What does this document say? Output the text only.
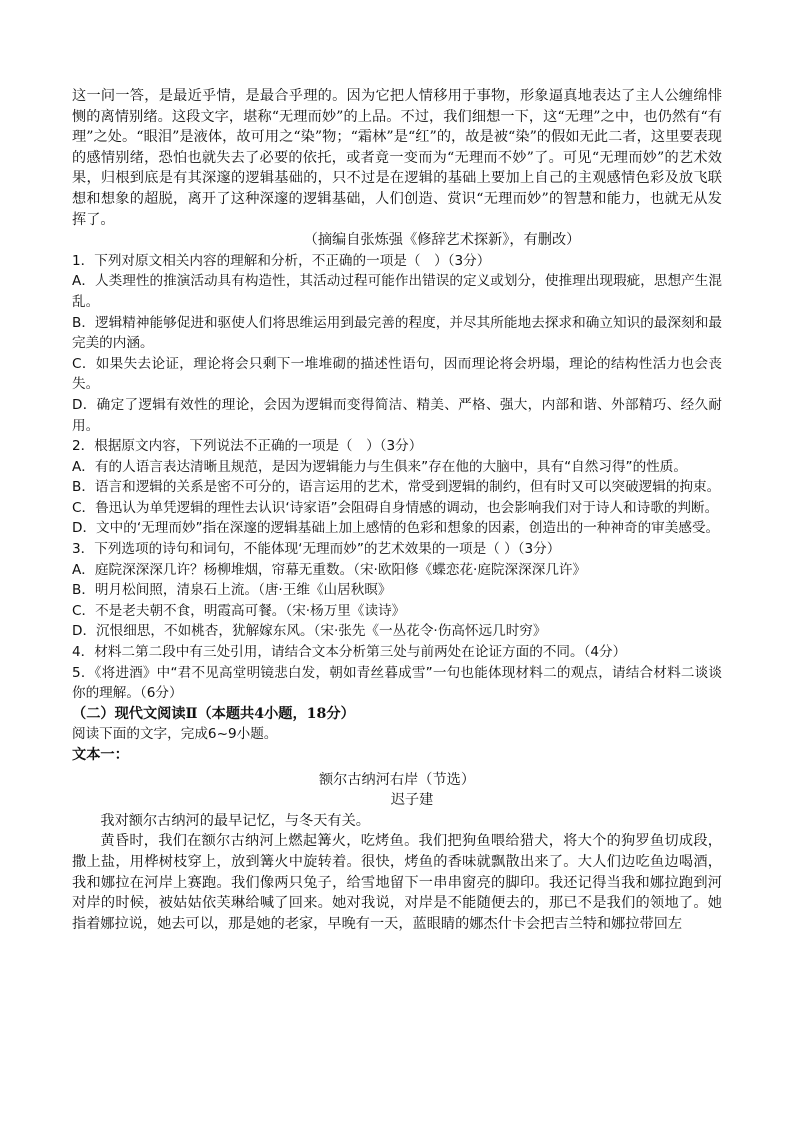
这一问一答，是最近乎情，是最合乎理的。因为它把人情移用于事物，形象逼真地表达了主人公缠绵悱恻的离情别绪。这段文字，堪称“无理而妙”的上品。不过，我们细想一下，这“无理”之中，也仍然有“有理”之处。“眼泪”是液体，故可用之“染”物；“霜林”是“红”的，故是被“染”的假如无此二者，这里要表现的感情别绪，恐怕也就失去了必要的依托，或者竟一变而为“无理而不妙”了。可见“无理而妙”的艺术效果，归根到底是有其深邃的逻辑基础的，只不过是在逻辑的基础上要加上自己的主观感情色彩及放飞联想和想象的超脱，离开了这种深邃的逻辑基础，人们创造、赏识“无理而妙”的智慧和能力，也就无从发挥了。

（摘编自张炼强《修辞艺术探新》，有删改）

1．下列对原文相关内容的理解和分析，不正确的一项是（　）（3分）

A．人类理性的推演活动具有构造性，其活动过程可能作出错误的定义或划分，使推理出现瑕疵，思想产生混乱。

B．逻辑精神能够促进和驱使人们将思维运用到最完善的程度，并尽其所能地去探求和确立知识的最深刻和最完美的内涵。

C．如果失去论证，理论将会只剩下一堆堆砌的描述性语句，因而理论将会坍塌，理论的结构性活力也会丧失。

D．确定了逻辑有效性的理论，会因为逻辑而变得简洁、精美、严格、强大，内部和谐、外部精巧、经久耐用。

2．根据原文内容，下列说法不正确的一项是（　）（3分）

A．有的人语言表达清晰且规范，是因为逻辑能力与生俱来”存在他的大脑中，具有“自然习得”的性质。

B．语言和逻辑的关系是密不可分的，语言运用的艺术，常受到逻辑的制约，但有时又可以突破逻辑的拘束。

C．鲁迅认为单凭逻辑的理性去认识‘诗家语”会阻碍自身情感的调动，也会影响我们对于诗人和诗歌的判断。

D．文中的‘无理而妙”指在深邃的逻辑基础上加上感情的色彩和想象的因素，创造出的一种神奇的审美感受。

3．下列选项的诗句和词句，不能体现‘无理而妙”的艺术效果的一项是（ ）（3分）

A．庭院深深深几许？杨柳堆烟，帘幕无重数。（宋·欧阳修《蝶恋花·庭院深深深几许》

B．明月松间照，清泉石上流。（唐·王维《山居秋暝》

C．不是老夫朝不食，明霞高可餐。（宋·杨万里《读诗》

D．沉恨细思，不如桃杏，犹解嫁东风。（宋·张先《一丛花令·伤高怀远几时穷》

4．材料二第二段中有三处引用，请结合文本分析第三处与前两处在论证方面的不同。（4分）

5．《将进酒》中“君不见高堂明镜悲白发，朝如青丝暮成雪”一句也能体现材料二的观点，请结合材料二谈谈你的理解。（6分）

（二）现代文阅读Ⅱ（本题共4小题，18分）

阅读下面的文字，完成6~9小题。

文本一：

额尔古纳河右岸（节选）

迟子建

我对额尔古纳河的最早记忆，与冬天有关。

黄昏时，我们在额尔古纳河上燃起篝火，吃烤鱼。我们把狗鱼喂给猎犬，将大个的狗罗鱼切成段，撒上盐，用桦树枝穿上，放到篝火中旋转着。很快，烤鱼的香味就飘散出来了。大人们边吃鱼边喝酒，我和娜拉在河岸上赛跑。我们像两只兔子，给雪地留下一串串窗亮的脚印。我还记得当我和娜拉跑到河对岸的时候，被姑姑依芙琳给喊了回来。她对我说，对岸是不能随便去的，那已不是我们的领地了。她指着娜拉说，她去可以，那是她的老家，早晚有一天，蓝眼睛的娜杰什卡会把吉兰特和娜拉带回左
